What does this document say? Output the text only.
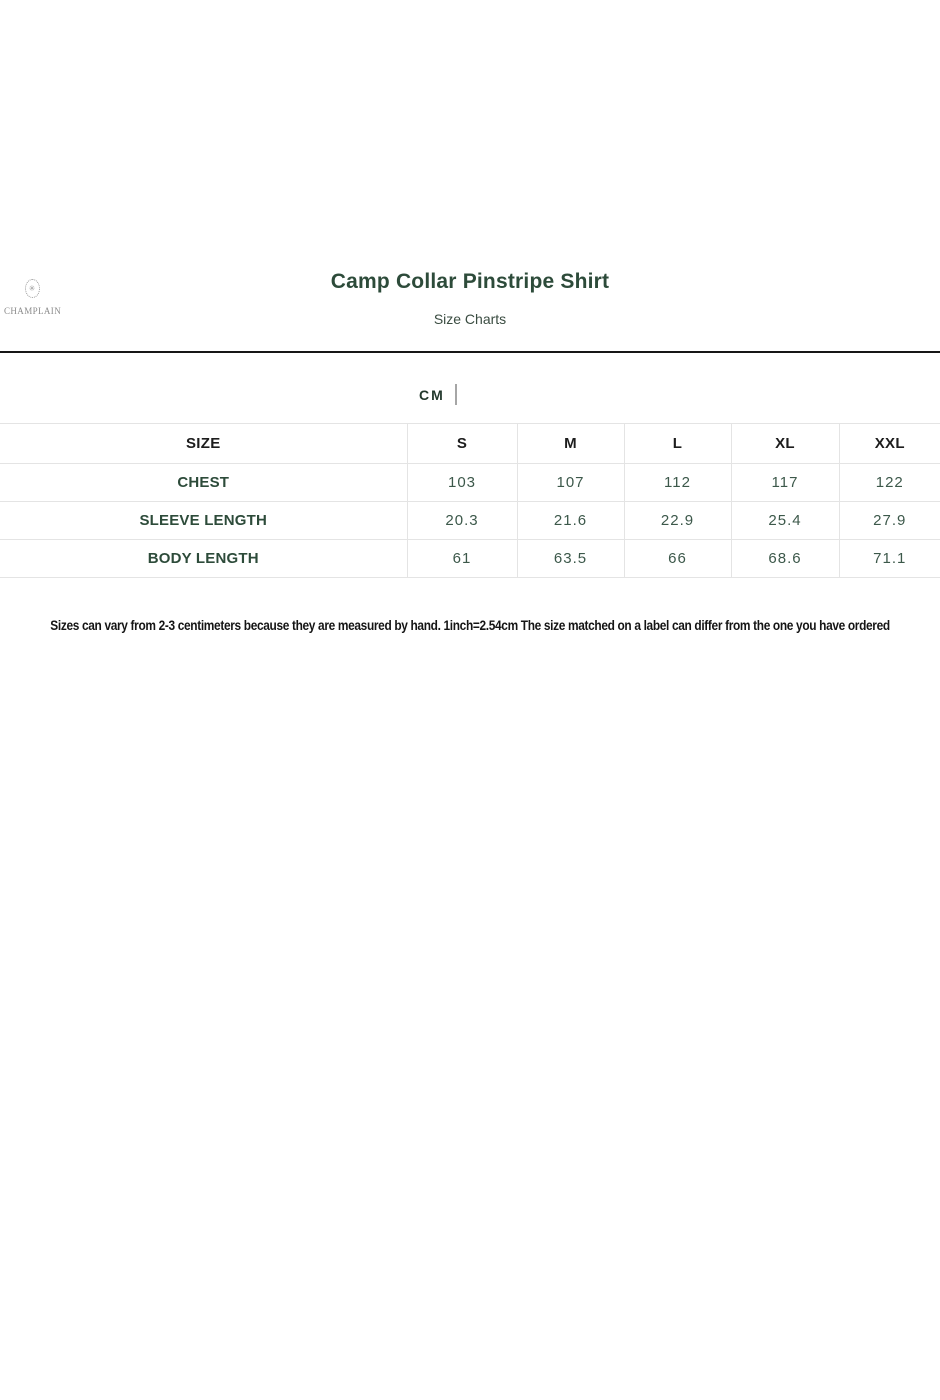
✳
CHAMPLAIN
Camp Collar Pinstripe Shirt
Size Charts
CM
SIZE	S	M	L	XL	XXL
CHEST	103	107	112	117	122
SLEEVE LENGTH	20.3	21.6	22.9	25.4	27.9
BODY LENGTH	61	63.5	66	68.6	71.1
Sizes can vary from 2-3 centimeters because they are measured by hand. 1inch=2.54cm The size matched on a label can differ from the one you have ordered
